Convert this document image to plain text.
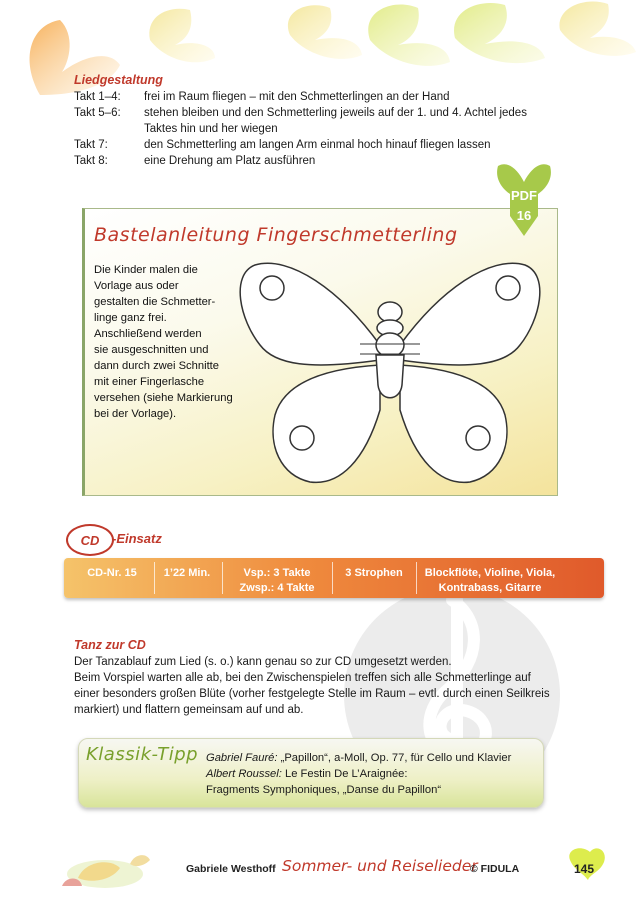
Liedgestaltung
Takt 1–4:	frei im Raum fliegen – mit den Schmetterlingen an der Hand
Takt 5–6:	stehen bleiben und den Schmetterling jeweils auf der 1. und 4. Achtel jedes
Taktes hin und her wiegen
Takt 7:	den Schmetterling am langen Arm einmal hoch hinauf fliegen lassen
Takt 8:	eine Drehung am Platz ausführen
Bastelanleitung Fingerschmetterling
Die Kinder malen die
Vorlage aus oder
gestalten die Schmetter-
linge ganz frei.
Anschließend werden
sie ausgeschnitten und
dann durch zwei Schnitte
mit einer Fingerlasche
versehen (siehe Markierung
bei der Vorlage).
PDF
16
CD -Einsatz
CD-Nr. 15	1’22 Min.	Vsp.: 3 Takte
Zwsp.: 4 Takte
3 Strophen	Blockflöte, Violine, Viola,
Kontrabass, Gitarre
Tanz zur CD
Der Tanzablauf zum Lied (s. o.) kann genau so zur CD umgesetzt werden.
Beim Vorspiel warten alle ab, bei den Zwischenspielen treffen sich alle Schmetterlinge auf
einer besonders großen Blüte (vorher festgelegte Stelle im Raum – evtl. durch einen Seilkreis
markiert) und flattern gemeinsam auf und ab.
Klassik-Tipp Gabriel Fauré: „Papillon“, a-Moll, Op. 77, für Cello und Klavier
Albert Roussel: Le Festin De L’Araignée:
Fragments Symphoniques, „Danse du Papillon“
Gabriele Westhoff Sommer- und Reiselieder
© FIDULA	145
